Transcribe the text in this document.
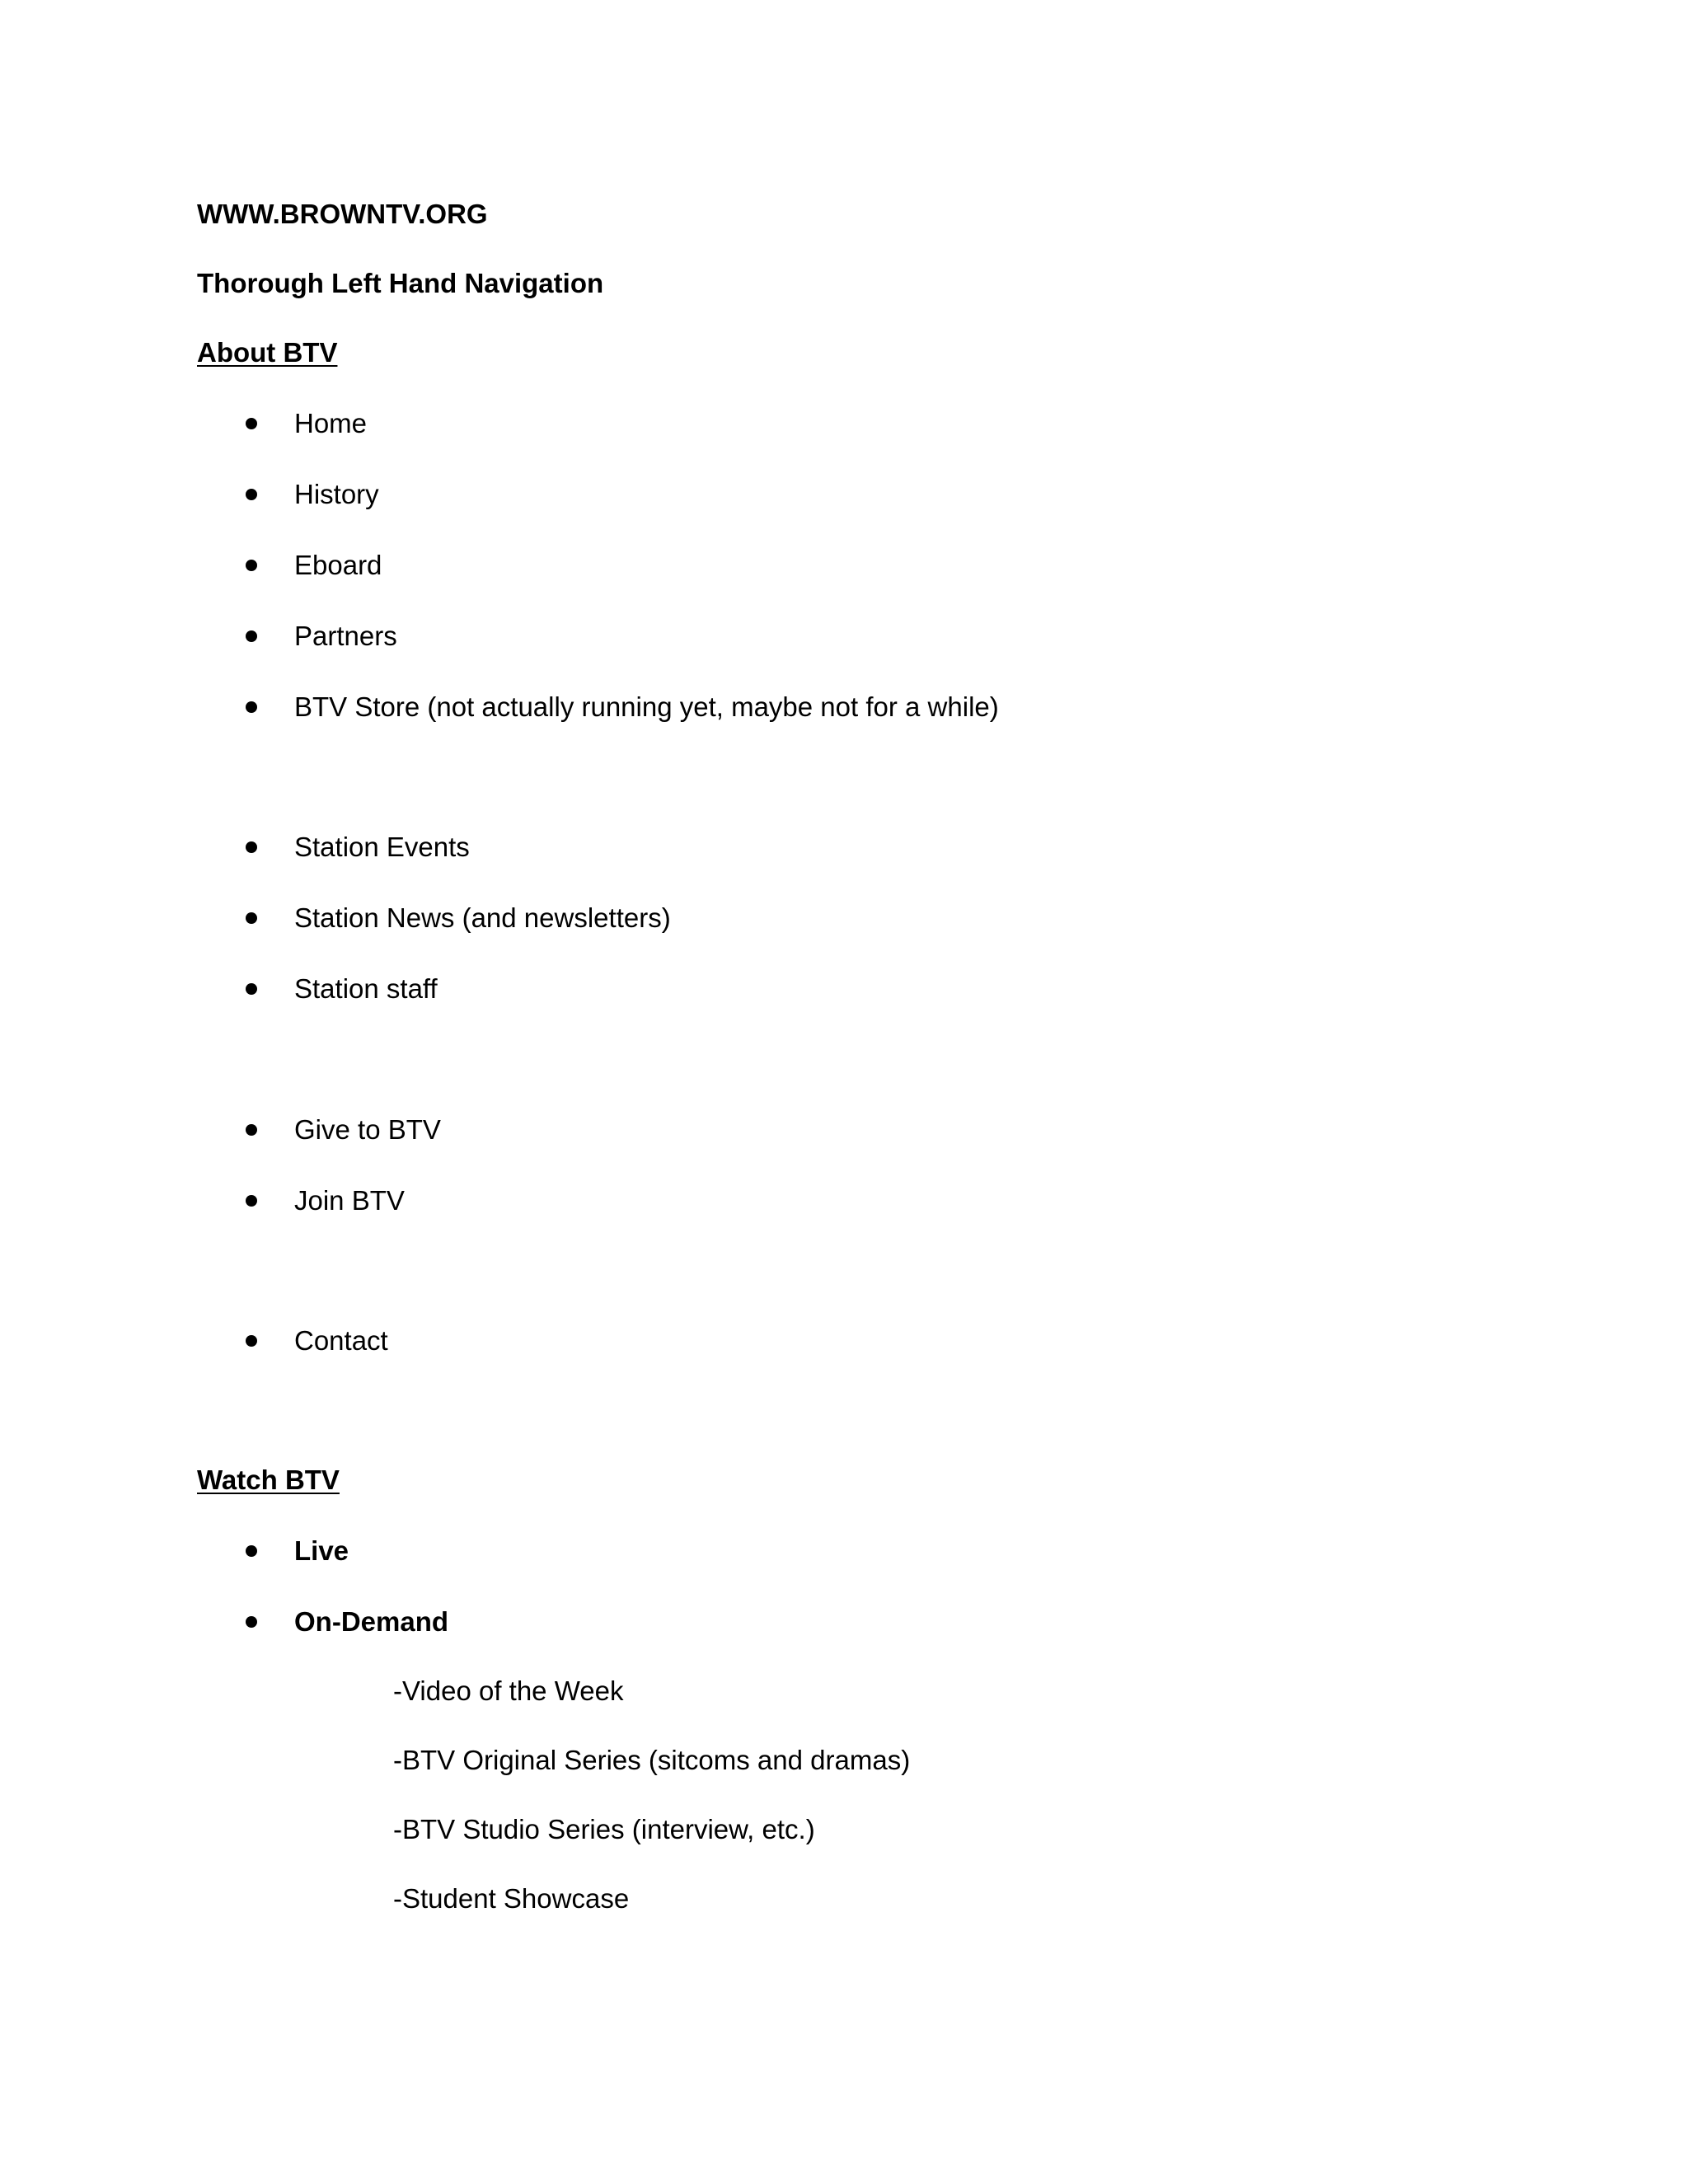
WWW.BROWNTV.ORG
Thorough Left Hand Navigation
About BTV
Home
History
Eboard
Partners
BTV Store (not actually running yet, maybe not for a while)
Station Events
Station News (and newsletters)
Station staff
Give to BTV
Join BTV
Contact
Watch BTV
Live
On-Demand
-Video of the Week
-BTV Original Series (sitcoms and dramas)
-BTV Studio Series (interview, etc.)
-Student Showcase
